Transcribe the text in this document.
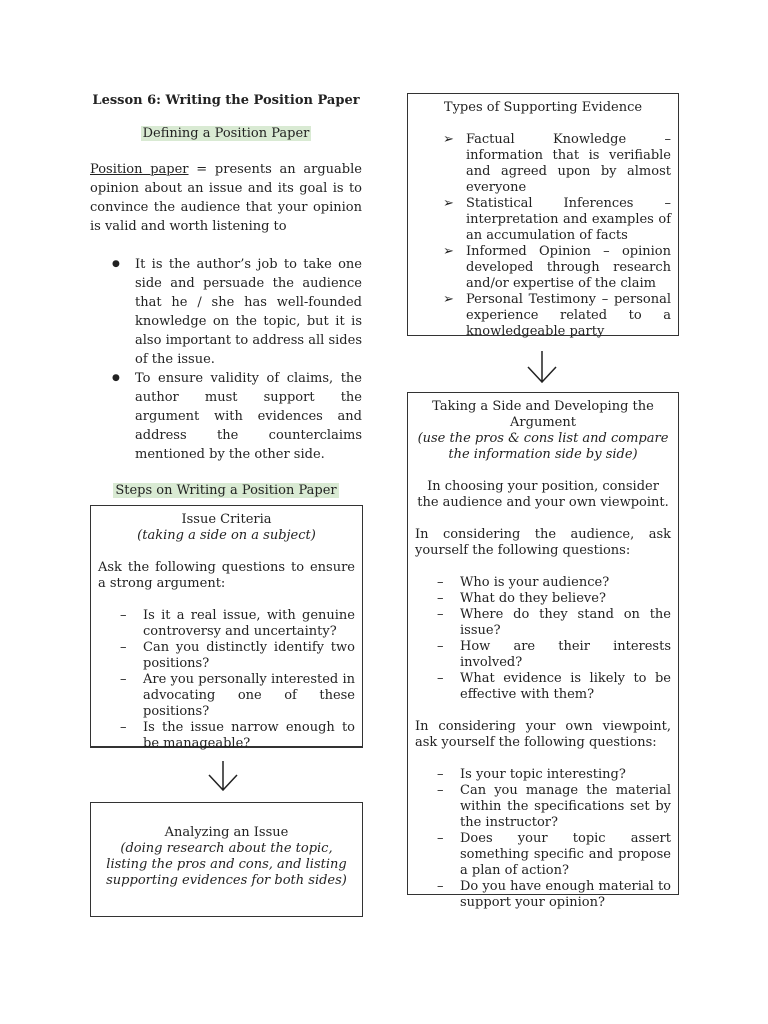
Lesson 6: Writing the Position Paper
Defining a Position Paper

Position paper = presents an arguable opinion about an issue and its goal is to convince the audience that your opinion is valid and worth listening to

● It is the author’s job to take one side and persuade the audience that he / she has well-founded knowledge on the topic, but it is also important to address all sides of the issue.
● To ensure validity of claims, the author must support the argument with evidences and address the counterclaims mentioned by the other side.
Steps on Writing a Position Paper
Issue Criteria
(taking a side on a subject)

Ask the following questions to ensure a strong argument:

– Is it a real issue, with genuine controversy and uncertainty?
– Can you distinctly identify two positions?
– Are you personally interested in advocating one of these positions?
– Is the issue narrow enough to be manageable?
Analyzing an Issue
(doing research about the topic, listing the pros and cons, and listing supporting evidences for both sides)
Types of Supporting Evidence
➢ Factual Knowledge – information that is verifiable and agreed upon by almost everyone
➢ Statistical Inferences – interpretation and examples of an accumulation of facts
➢ Informed Opinion – opinion developed through research and/or expertise of the claim
➢ Personal Testimony – personal experience related to a knowledgeable party
Taking a Side and Developing the Argument
(use the pros & cons list and compare the information side by side)
In choosing your position, consider the audience and your own viewpoint.

In considering the audience, ask yourself the following questions:

– Who is your audience?
– What do they believe?
– Where do they stand on the issue?
– How are their interests involved?
– What evidence is likely to be effective with them?

In considering your own viewpoint, ask yourself the following questions:

– Is your topic interesting?
– Can you manage the material within the specifications set by the instructor?
– Does your topic assert something specific and propose a plan of action?
– Do you have enough material to support your opinion?
